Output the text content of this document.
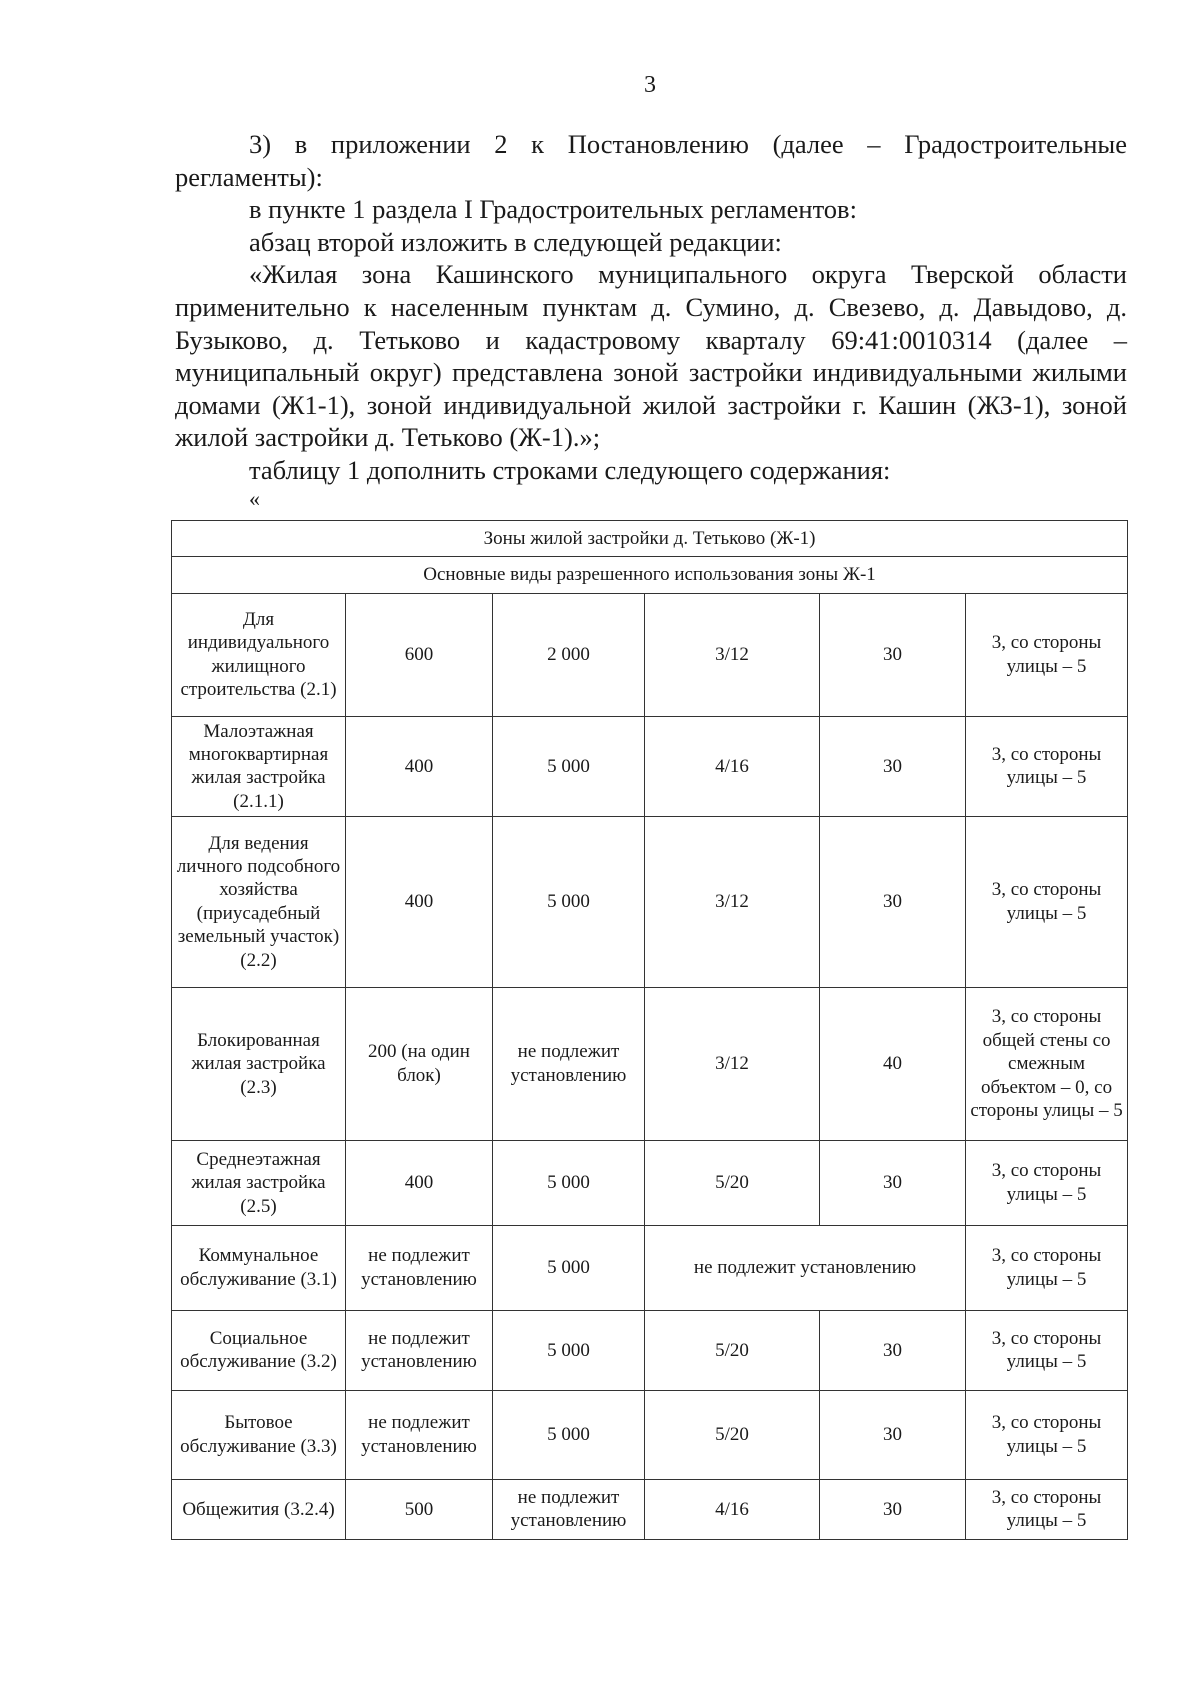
3

3) в приложении 2 к Постановлению (далее – Градостроительные регламенты):

в пункте 1 раздела I Градостроительных регламентов:

абзац второй изложить в следующей редакции:

«Жилая зона Кашинского муниципального округа Тверской области применительно к населенным пунктам д. Сумино, д. Свезево, д. Давыдово, д. Бузыково, д. Тетьково и кадастровому кварталу 69:41:0010314 (далее – муниципальный округ) представлена зоной застройки индивидуальными жилыми домами (Ж1-1), зоной индивидуальной жилой застройки г. Кашин (ЖЗ-1), зоной жилой застройки д. Тетьково (Ж-1).»;

таблицу 1 дополнить строками следующего содержания:

«
Зоны жилой застройки д. Тетьково (Ж-1)					
Основные виды разрешенного использования зоны Ж-1					
Для индивидуального жилищного строительства (2.1)	600	2 000	3/12	30	3, со стороны улицы – 5
Малоэтажная многоквартирная жилая застройка (2.1.1)	400	5 000	4/16	30	3, со стороны улицы – 5
Для ведения личного подсобного хозяйства (приусадебный земельный участок) (2.2)	400	5 000	3/12	30	3, со стороны улицы – 5
Блокированная жилая застройка (2.3)	200 (на один блок)	не подлежит установлению	3/12	40	3, со стороны общей стены со смежным объектом – 0, со стороны улицы – 5
Среднеэтажная жилая застройка (2.5)	400	5 000	5/20	30	3, со стороны улицы – 5
Коммунальное обслуживание (3.1)	не подлежит установлению	5 000	не подлежит установлению		3, со стороны улицы – 5
Социальное обслуживание (3.2)	не подлежит установлению	5 000	5/20	30	3, со стороны улицы – 5
Бытовое обслуживание (3.3)	не подлежит установлению	5 000	5/20	30	3, со стороны улицы – 5
Общежития (3.2.4)	500	не подлежит установлению	4/16	30	3, со стороны улицы – 5
